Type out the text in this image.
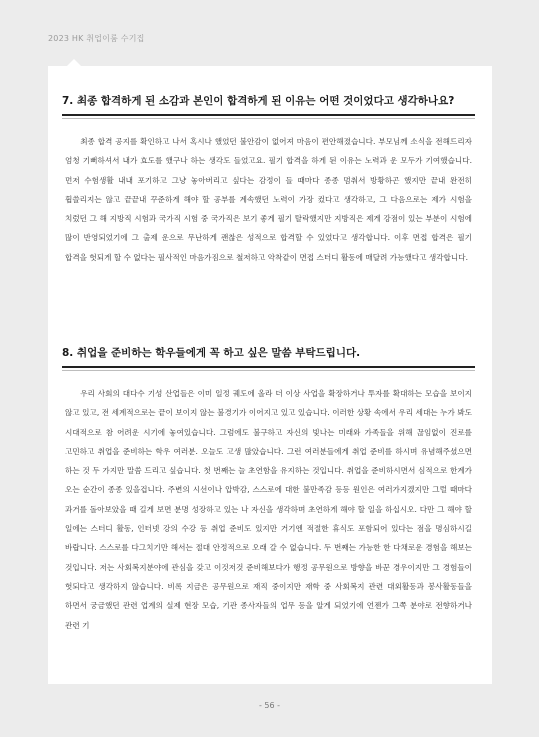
2023 HK 취업이룸 수기집
7. 최종 합격하게 된 소감과 본인이 합격하게 된 이유는 어떤 것이었다고 생각하나요?

최종 합격 공지를 확인하고 나서 혹시나 했었던 불안감이 없어져 마음이 편안해졌습니다. 부모님께 소식을 전해드리자 엄청 기뻐하셔서 내가 효도를 했구나 하는 생각도 들었고요. 필기 합격을 하게 된 이유는 노력과 운 모두가 기여했습니다. 먼저 수험생활 내내 포기하고 그냥 놓아버리고 싶다는 감정이 들 때마다 종종 멈춰서 방황하곤 했지만 끝내 완전히 휩쓸리지는 않고 끝끝내 꾸준하게 해야 할 공부를 계속했던 노력이 가장 컸다고 생각하고, 그 다음으로는 제가 시험을 치렀던 그 해 지방직 시험과 국가직 시험 중 국가직은 보기 좋게 필기 탈락했지만 지방직은 제게 강점이 있는 부분이 시험에 많이 반영되었기에 그 출제 운으로 무난하게 괜찮은 성적으로 합격할 수 있었다고 생각합니다. 이후 면접 합격은 필기 합격을 헛되게 할 수 없다는 필사적인 마음가짐으로 철저하고 악착같이 면접 스터디 활동에 매달려 가능했다고 생각합니다.

8. 취업을 준비하는 학우들에게 꼭 하고 싶은 말씀 부탁드립니다.

우리 사회의 대다수 기성 산업들은 이미 일정 궤도에 올라 더 이상 사업을 확장하거나 투자를 확대하는 모습을 보이지 않고 있고, 전 세계적으로는 끝이 보이지 않는 불경기가 이어지고 있고 있습니다. 이러한 상황 속에서 우리 세대는 누가 봐도 시대적으로 참 어려운 시기에 놓여있습니다. 그럼에도 불구하고 자신의 빛나는 미래와 가족들을 위해 끊임없이 진로를 고민하고 취업을 준비하는 학우 여러분. 오늘도 고생 많았습니다. 그런 여러분들에게 취업 준비를 하시며 유념해주셨으면 하는 것 두 가지만 말씀 드리고 싶습니다. 첫 번째는 늘 초연함을 유지하는 것입니다. 취업을 준비하시면서 심적으로 한계가 오는 순간이 종종 있을겁니다. 주변의 시선이나 압박감, 스스로에 대한 불만족감 등등 원인은 여러가지겠지만 그럴 때마다 과거를 돌아보았을 때 길게 보면 분명 성장하고 있는 나 자신을 생각하며 초연하게 해야 할 일을 하십시오. 다만 그 해야 할 일에는 스터디 활동, 인터넷 강의 수강 등 취업 준비도 있지만 거기엔 적절한 휴식도 포함되어 있다는 점을 명심하시길 바랍니다. 스스로를 다그치기만 해서는 절대 안정적으로 오래 갈 수 없습니다. 두 번째는 가능한 한 다채로운 경험을 해보는 것입니다. 저는 사회복지분야에 관심을 갖고 이것저것 준비해보다가 행정 공무원으로 방향을 바꾼 경우이지만 그 경험들이 헛되다고 생각하지 않습니다. 비록 지금은 공무원으로 재직 중이지만 재학 중 사회복지 관련 대외활동과 봉사활동들을 하면서 궁금했던 관련 업계의 실제 현장 모습, 기관 종사자들의 업무 등을 알게 되었기에 언젠가 그쪽 분야로 전향하거나 관련 기

- 56 -
